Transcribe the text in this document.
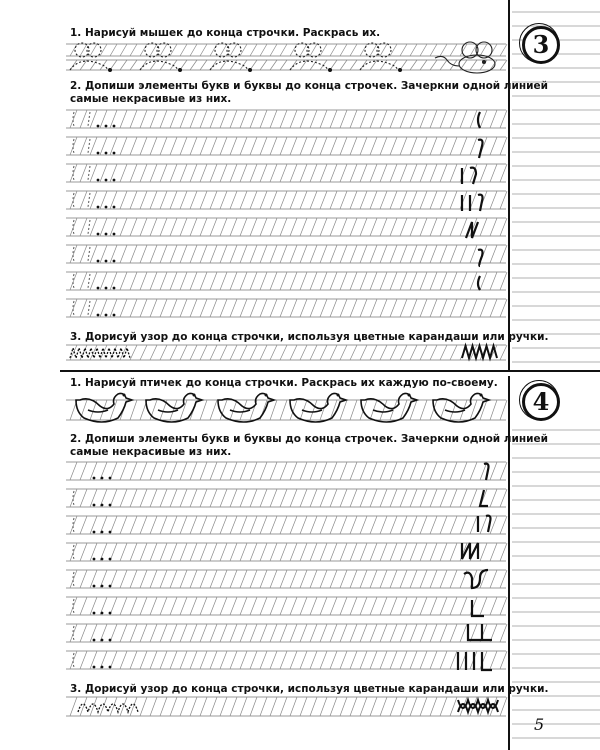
3
1. Нарисуй мышек до конца строчки. Раскрась их.
2. Допиши элементы букв и буквы до конца строчек. Зачеркни одной линией
самые некрасивые из них.
3. Дорисуй узор до конца строчки, используя цветные карандаши или ручки.
4
1. Нарисуй птичек до конца строчки. Раскрась их каждую по-своему.
2. Допиши элементы букв и буквы до конца строчек. Зачеркни одной линией
самые некрасивые из них.
3. Дорисуй узор до конца строчки, используя цветные карандаши или ручки.
5
